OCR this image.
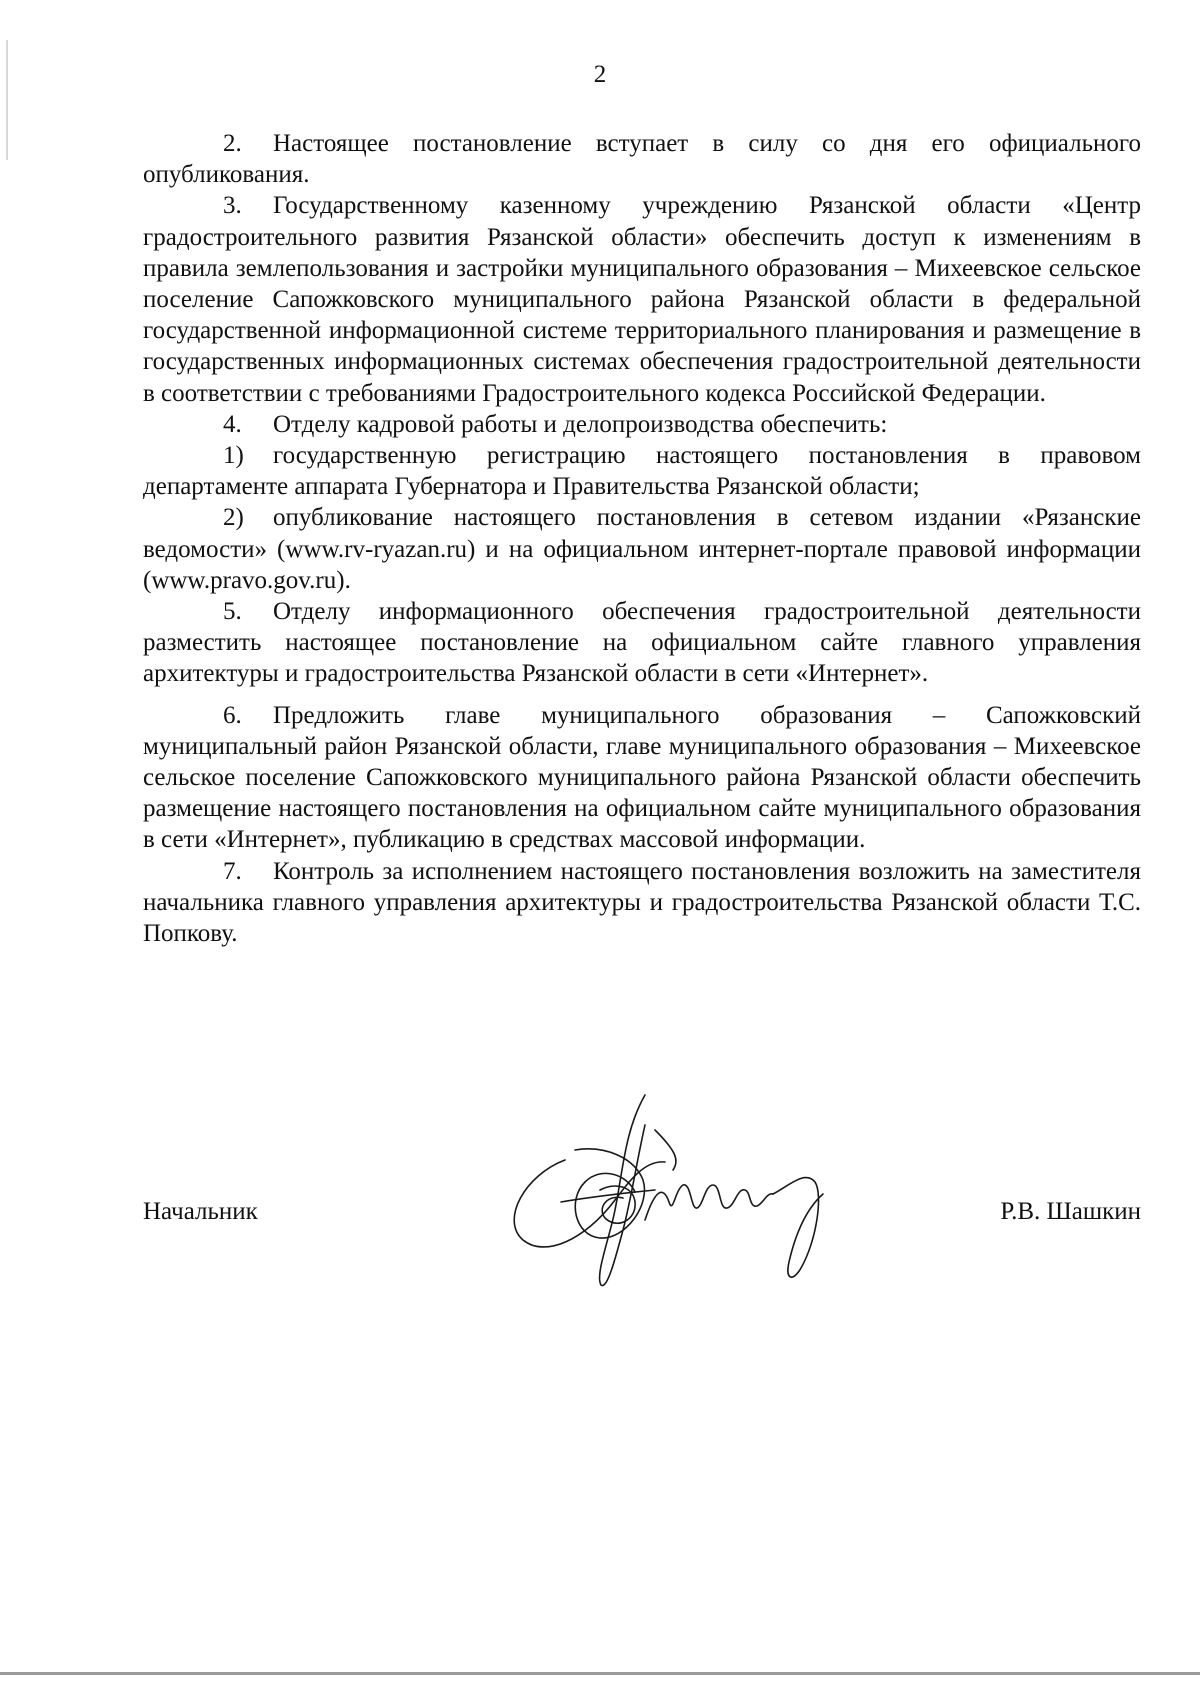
2

2. Настоящее постановление вступает в силу со дня его официального опубликования.

3. Государственному казенному учреждению Рязанской области «Центр градостроительного развития Рязанской области» обеспечить доступ к изменениям в правила землепользования и застройки муниципального образования – Михеевское сельское поселение Сапожковского муниципального района Рязанской области в федеральной государственной информационной системе территориального планирования и размещение в государственных информационных системах обеспечения градостроительной деятельности в соответствии с требованиями Градостроительного кодекса Российской Федерации.

4. Отделу кадровой работы и делопроизводства обеспечить:

1) государственную регистрацию настоящего постановления в правовом департаменте аппарата Губернатора и Правительства Рязанской области;

2) опубликование настоящего постановления в сетевом издании «Рязанские ведомости» (www.rv-ryazan.ru) и на официальном интернет-портале правовой информации (www.pravo.gov.ru).

5. Отделу информационного обеспечения градостроительной деятельности разместить настоящее постановление на официальном сайте главного управления архитектуры и градостроительства Рязанской области в сети «Интернет».

6. Предложить главе муниципального образования – Сапожковский муниципальный район Рязанской области, главе муниципального образования – Михеевское сельское поселение Сапожковского муниципального района Рязанской области обеспечить размещение настоящего постановления на официальном сайте муниципального образования в сети «Интернет», публикацию в средствах массовой информации.

7. Контроль за исполнением настоящего постановления возложить на заместителя начальника главного управления архитектуры и градостроительства Рязанской области Т.С. Попкову.

Начальник	Р.В. Шашкин
